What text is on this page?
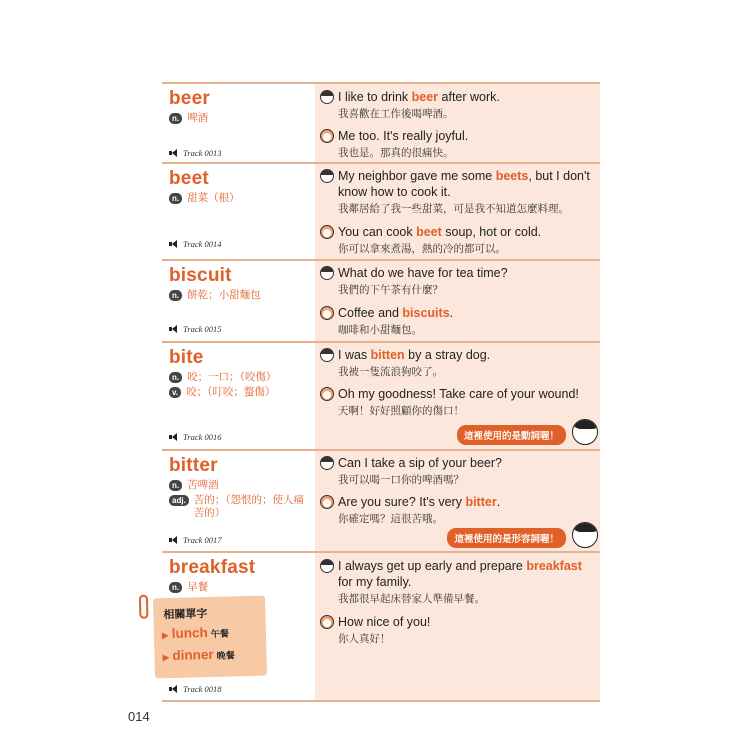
beer
n. 啤酒
Track 0013
I like to drink beer after work.
我喜歡在工作後喝啤酒。
Me too. It's really joyful.
我也是。那真的很痛快。
beet
n. 甜菜（根）
Track 0014
My neighbor gave me some beets, but I don't know how to cook it.
我鄰居給了我一些甜菜，可是我不知道怎麼料理。
You can cook beet soup, hot or cold.
你可以拿來煮湯，熱的冷的都可以。
biscuit
n. 餅乾；小甜麵包
Track 0015
What do we have for tea time?
我們的下午茶有什麼？
Coffee and biscuits.
咖啡和小甜麵包。
bite
n. 咬；一口；（咬傷）
v. 咬；（叮咬；螫傷）
Track 0016
I was bitten by a stray dog.
我被一隻流浪狗咬了。
Oh my goodness! Take care of your wound!
天啊！好好照顧你的傷口！
這裡使用的是動詞喔！
bitter
n. 苦啤酒
adj. 苦的；（怨恨的；使人痛苦的）
Track 0017
Can I take a sip of your beer?
我可以喝一口你的啤酒嗎？
Are you sure? It's very bitter.
你確定嗎？這很苦哦。
這裡使用的是形容詞喔！
breakfast
n. 早餐
相關單字
▶ lunch 午餐
▶ dinner 晚餐
Track 0018
I always get up early and prepare breakfast for my family.
我都很早起床替家人準備早餐。
How nice of you!
你人真好！
014
